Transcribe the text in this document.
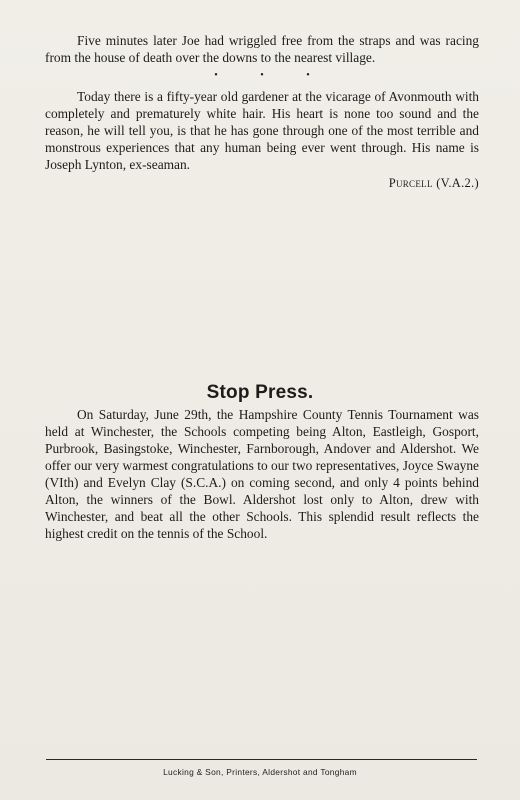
Five minutes later Joe had wriggled free from the straps and was racing from the house of death over the downs to the nearest village.

• • •

Today there is a fifty-year old gardener at the vicarage of Avonmouth with completely and prematurely white hair. His heart is none too sound and the reason, he will tell you, is that he has gone through one of the most terrible and monstrous experiences that any human being ever went through. His name is Joseph Lynton, ex-seaman.

Purcell (V.A.2.)
Stop Press.

On Saturday, June 29th, the Hampshire County Tennis Tournament was held at Winchester, the Schools competing being Alton, Eastleigh, Gosport, Purbrook, Basingstoke, Winchester, Farnborough, Andover and Aldershot. We offer our very warmest congratulations to our two representatives, Joyce Swayne (VIth) and Evelyn Clay (S.C.A.) on coming second, and only 4 points behind Alton, the winners of the Bowl. Aldershot lost only to Alton, drew with Winchester, and beat all the other Schools. This splendid result reflects the highest credit on the tennis of the School.

Lucking & Son, Printers, Aldershot and Tongham
